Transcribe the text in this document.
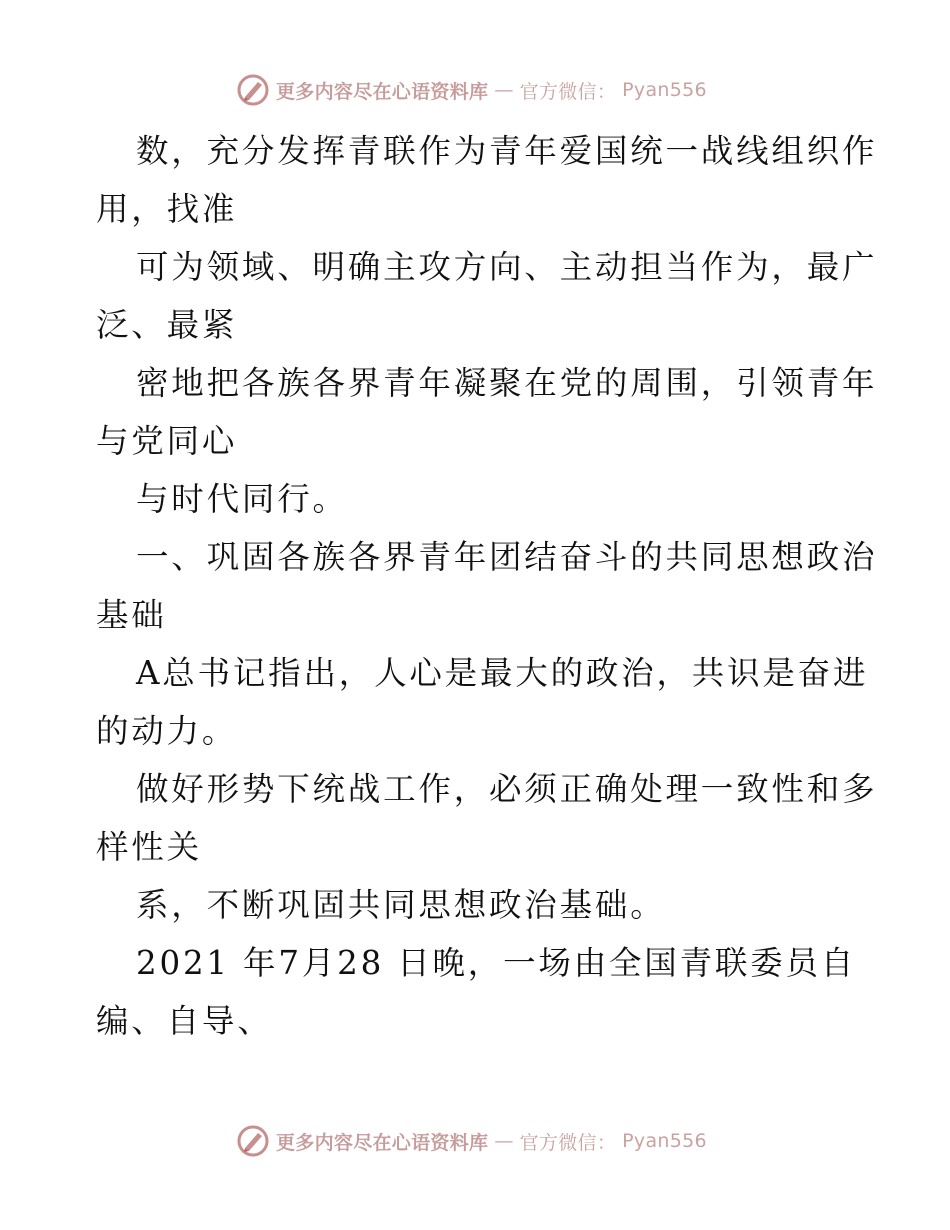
更多内容尽在心语资料库 — 官方微信： Pyan556
数，充分发挥青联作为青年爱国统一战线组织作
用，找准
可为领域、明确主攻方向、主动担当作为，最广
泛、最紧
密地把各族各界青年凝聚在党的周围，引领青年
与党同心
与时代同行。
一、巩固各族各界青年团结奋斗的共同思想政治
基础
A总书记指出，人心是最大的政治，共识是奋进
的动力。
做好形势下统战工作，必须正确处理一致性和多
样性关
系，不断巩固共同思想政治基础。
2021 年7月28 日晚，一场由全国青联委员自
编、自导、
更多内容尽在心语资料库 — 官方微信： Pyan556
